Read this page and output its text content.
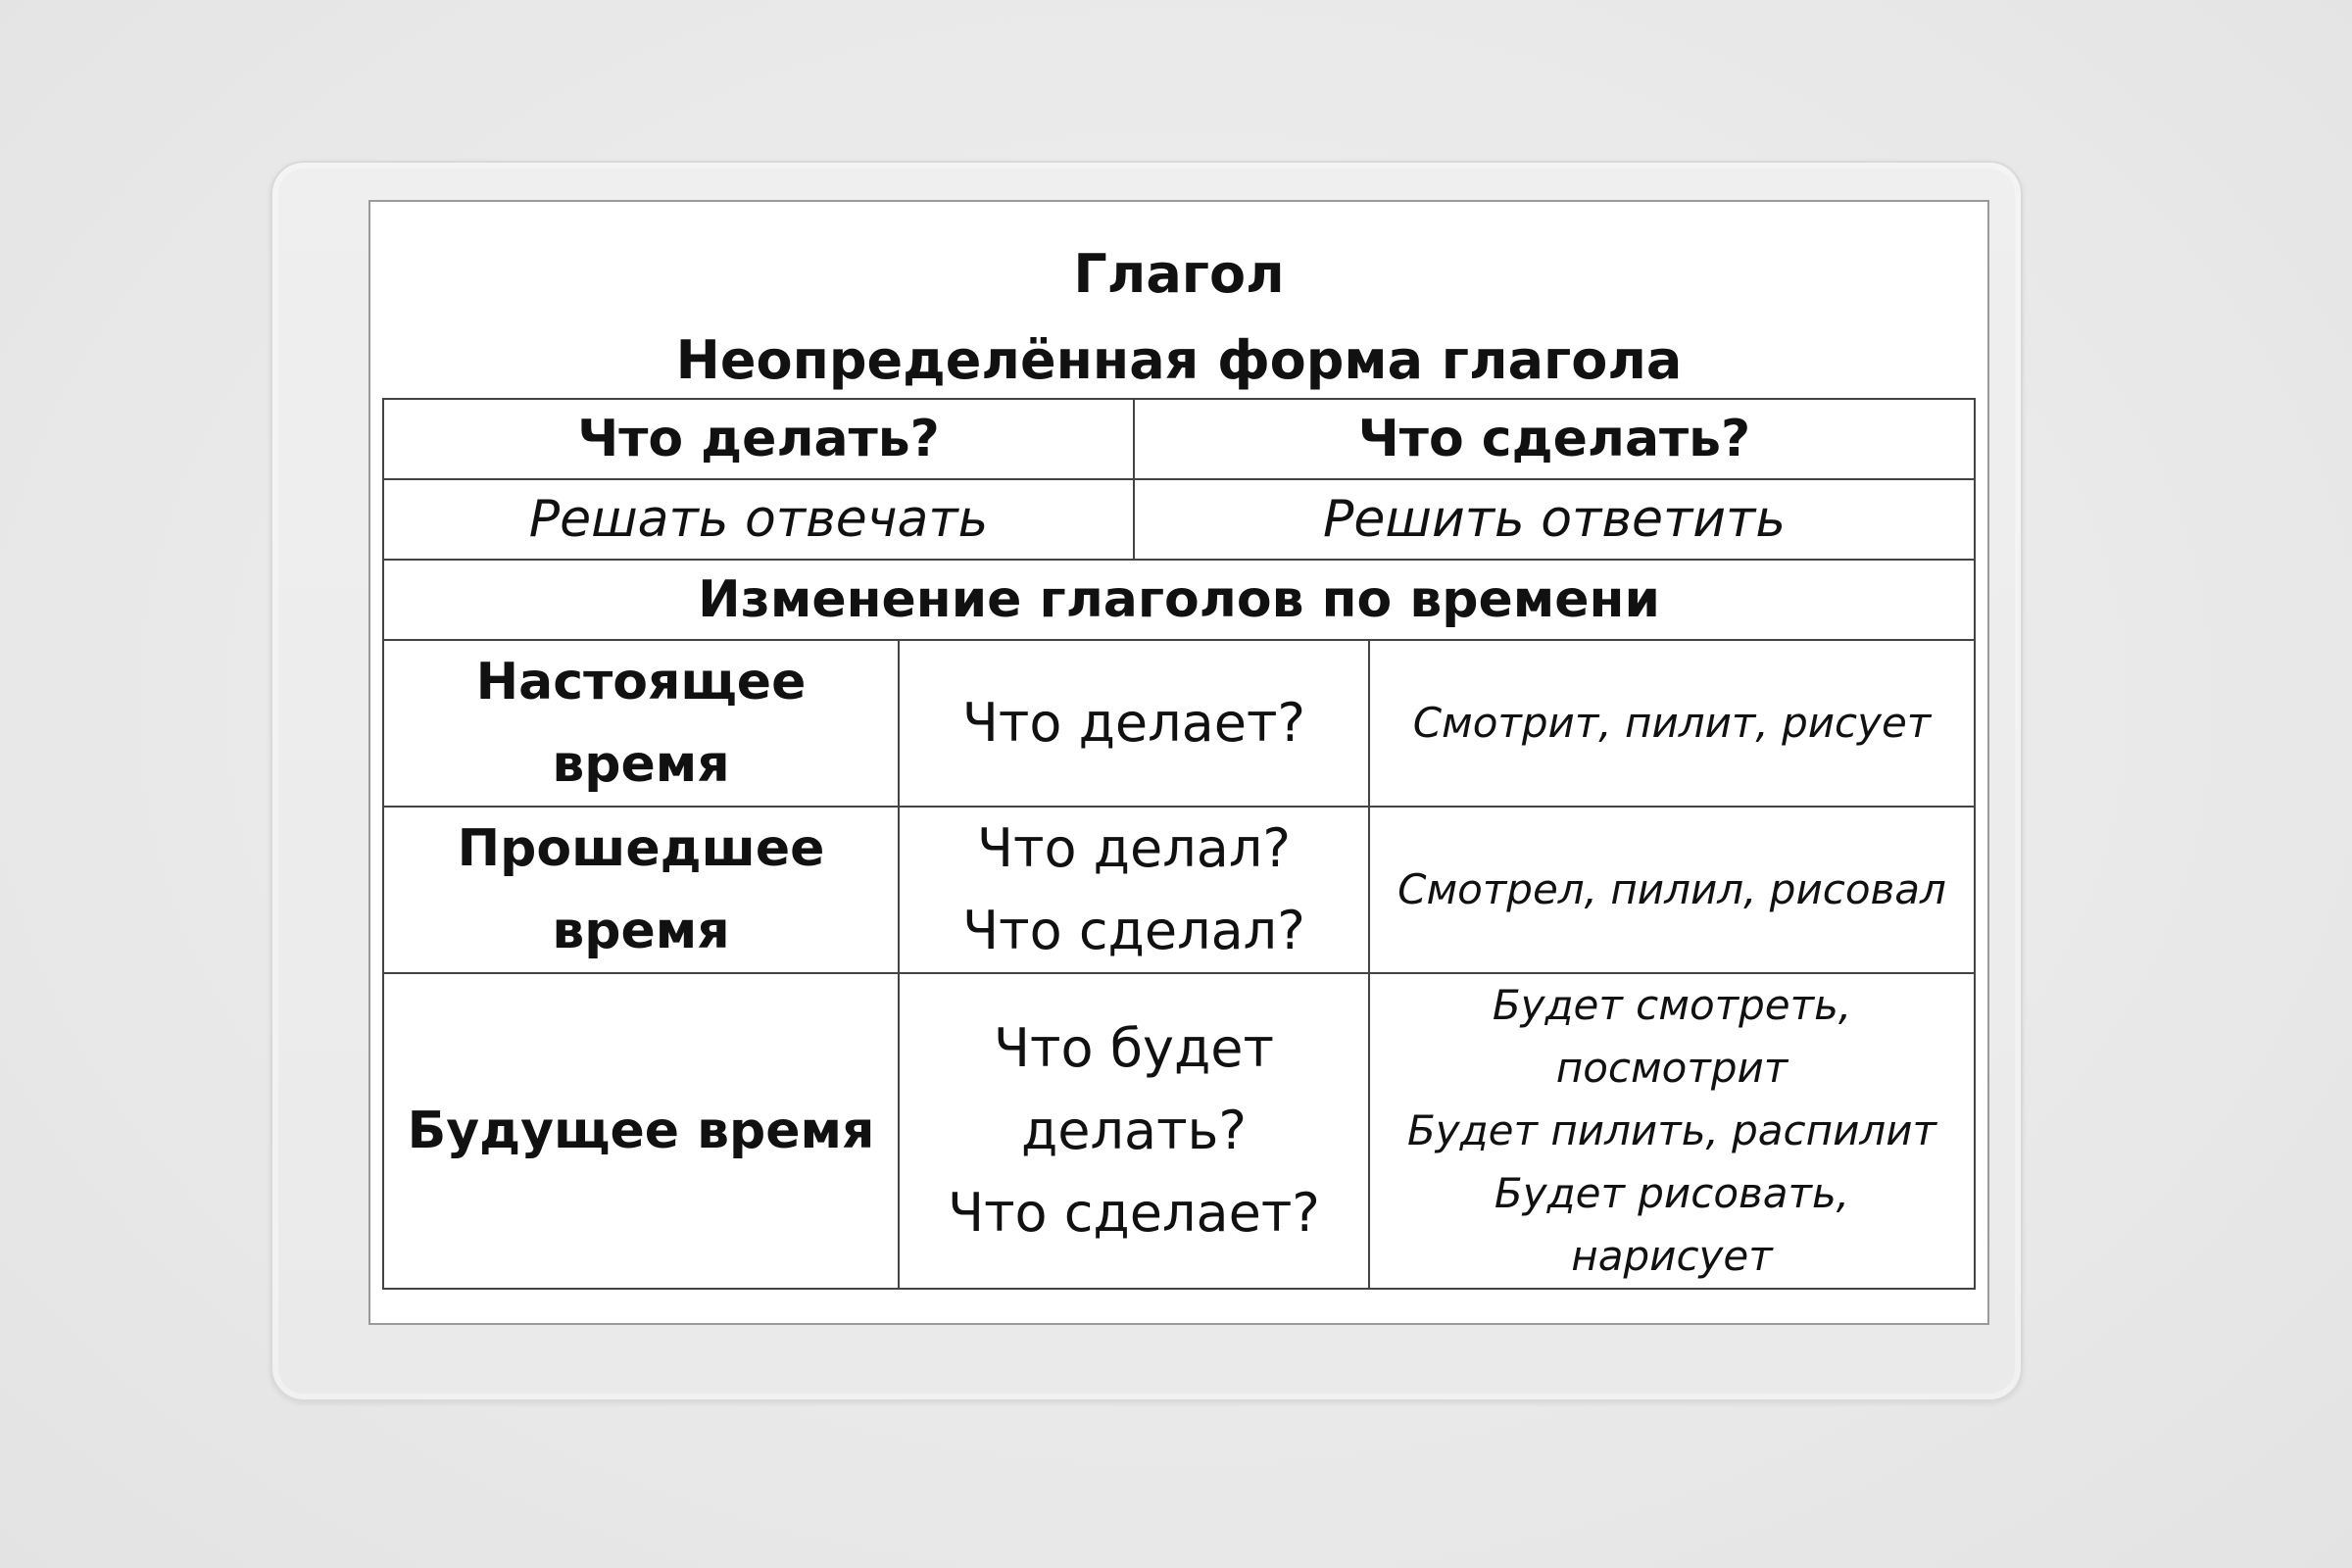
Глагол
Неопределённая форма глагола
Что делать?		Что сделать?	
Решать отвечать		Решить ответить	
Изменение глаголов по времени			

Настоящее
время	Что делает?		Смотрит, пилит, рисует

Прошедшее
время	Что делал?
Что сделал?		Смотрел, пилил, рисовал

Будущее время	Что будет
делать?
Что сделает?		Будет смотреть,
посмотрит
Будет пилить, распилит
Будет рисовать,
нарисует
